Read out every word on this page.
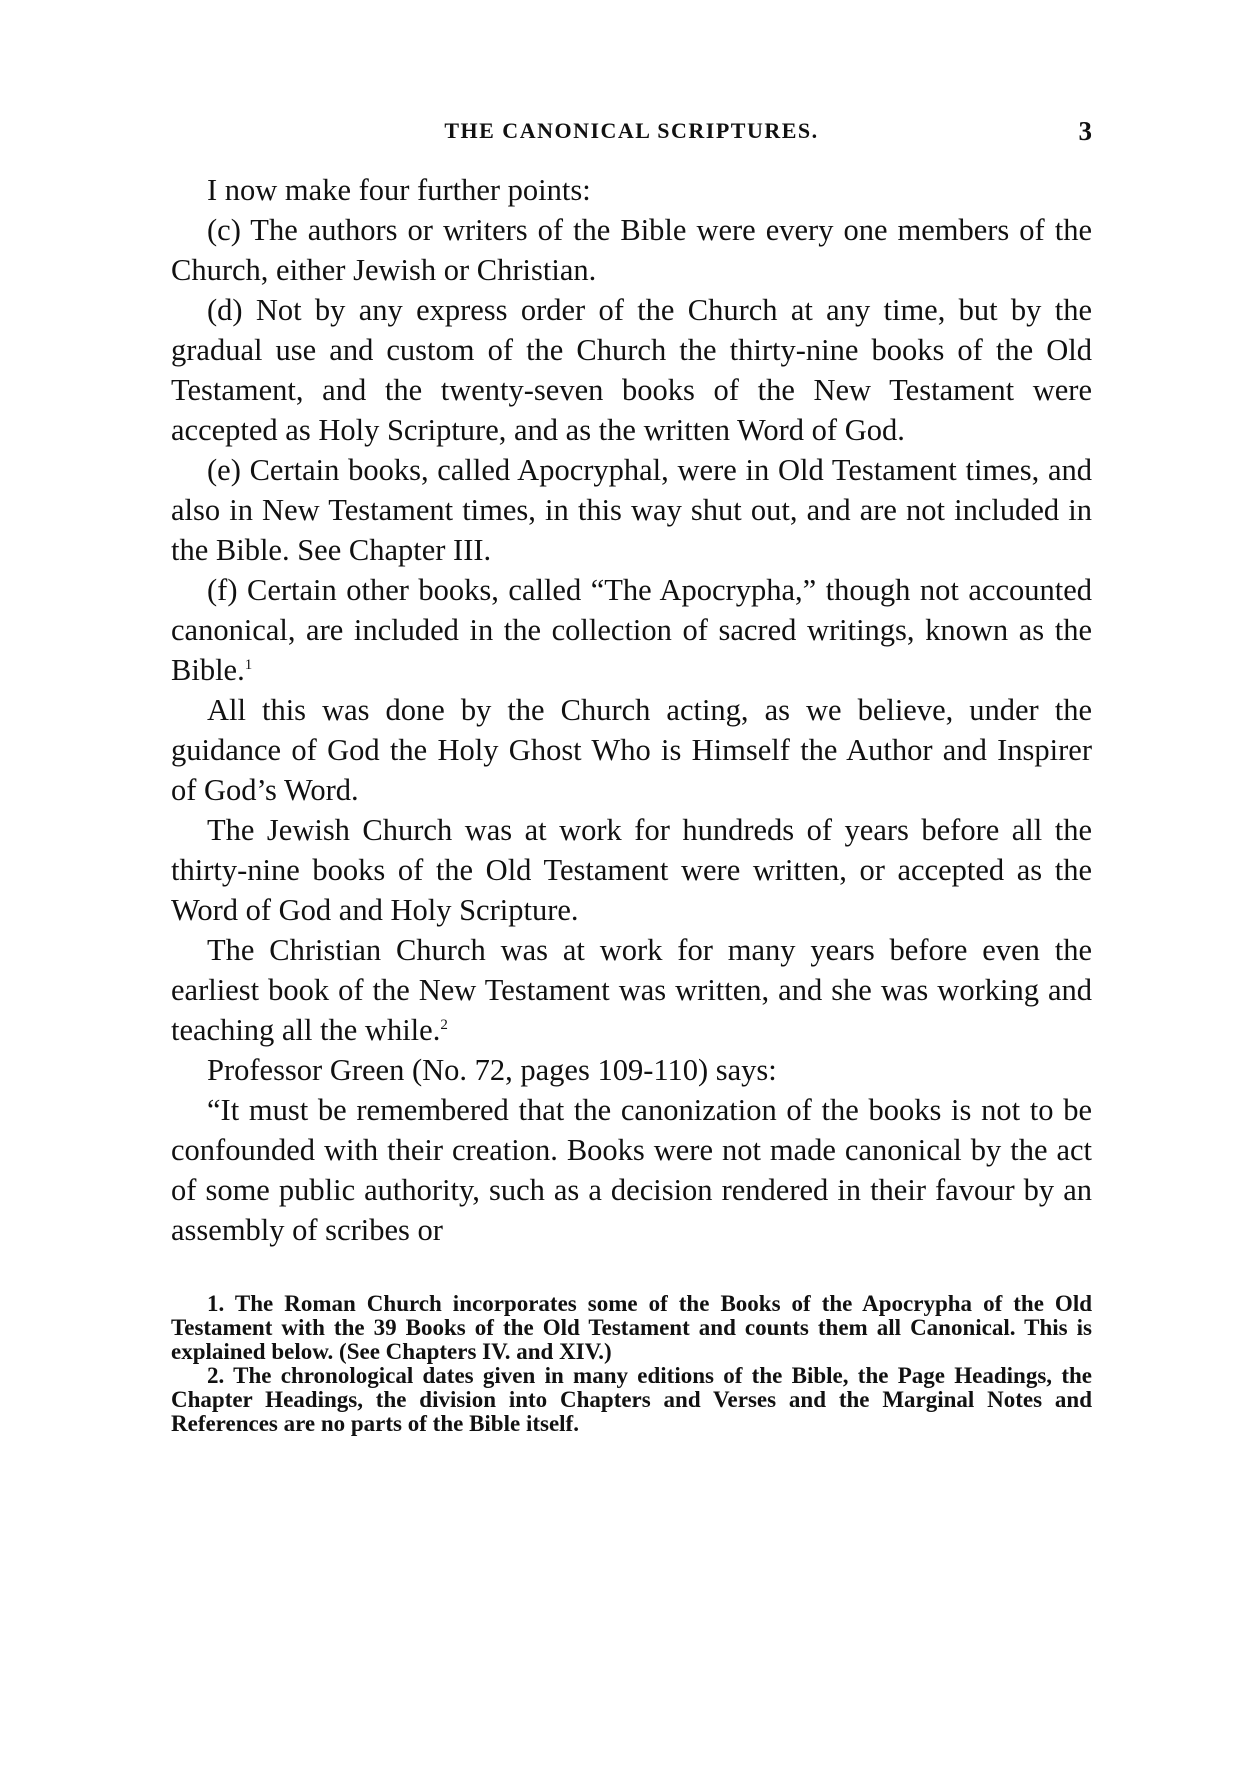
THE CANONICAL SCRIPTURES.	3

I now make four further points:

(c) The authors or writers of the Bible were every one members of the Church, either Jewish or Christian.

(d) Not by any express order of the Church at any time, but by the gradual use and custom of the Church the thirty-nine books of the Old Testament, and the twenty-seven books of the New Testament were accepted as Holy Scripture, and as the written Word of God.

(e) Certain books, called Apocryphal, were in Old Testament times, and also in New Testament times, in this way shut out, and are not included in the Bible. See Chapter III.

(f) Certain other books, called “The Apocrypha,” though not accounted canonical, are included in the collection of sacred writings, known as the Bible.$^1$

All this was done by the Church acting, as we believe, under the guidance of God the Holy Ghost Who is Himself the Author and Inspirer of God’s Word.

The Jewish Church was at work for hundreds of years before all the thirty-nine books of the Old Testament were written, or accepted as the Word of God and Holy Scripture.

The Christian Church was at work for many years before even the earliest book of the New Testament was written, and she was working and teaching all the while.$^2$

Professor Green (No. 72, pages 109-110) says:

“It must be remembered that the canonization of the books is not to be confounded with their creation. Books were not made canonical by the act of some public authority, such as a decision rendered in their favour by an assembly of scribes or

1. The Roman Church incorporates some of the Books of the Apocrypha of the Old Testament with the 39 Books of the Old Testament and counts them all Canonical. This is explained below. (See Chapters IV. and XIV.)

2. The chronological dates given in many editions of the Bible, the Page Headings, the Chapter Headings, the division into Chapters and Verses and the Marginal Notes and References are no parts of the Bible itself.
